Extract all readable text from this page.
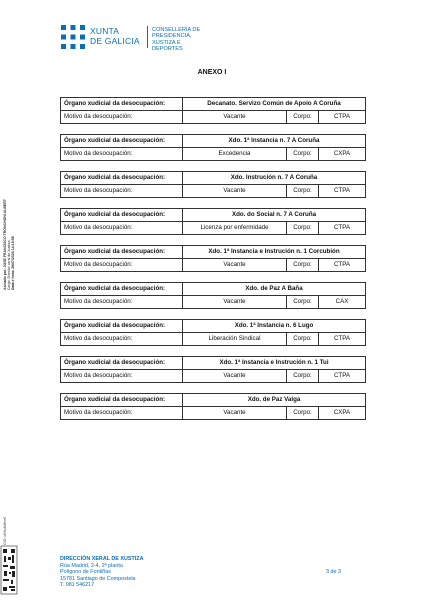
XUNTA
DE GALICIA
CONSELLERÍA DE
PRESIDENCIA,
XUSTIZA E DEPORTES
ANEXO I
Órgano xudicial da desocupación:	Decanato. Servizo Común de Apoio A Coruña
Motivo da desocupación:	Vacante	Corpo:	CTPA
Órgano xudicial da desocupación:	Xdo. 1ª Instancia n. 7 A Coruña
Motivo da desocupación:	Excedencia	Corpo:	CXPA
Órgano xudicial da desocupación:	Xdo. Instrución n. 7 A Coruña
Motivo da desocupación:	Vacante	Corpo:	CTPA
Órgano xudicial da desocupación:	Xdo. do Social n. 7 A Coruña
Motivo da desocupación:	Licenza por enfermidade	Corpo:	CTPA
Órgano xudicial da desocupación:	Xdo. 1ª Instancia e Instrución n. 1 Corcubión
Motivo da desocupación:	Vacante	Corpo:	CTPA
Órgano xudicial da desocupación:	Xdo. de Paz A Baña
Motivo da desocupación:	Vacante	Corpo:	CAX
Órgano xudicial da desocupación:	Xdo. 1ª Instancia n. 6 Lugo
Motivo da desocupación:	Liberación Sindical	Corpo:	CTPA
Órgano xudicial da desocupación:	Xdo. 1ª Instancia e Instrución n. 1 Tui
Motivo da desocupación:	Vacante	Corpo:	CTPA
Órgano xudicial da desocupación:	Xdo. de Paz Valga
Motivo da desocupación:	Vacante	Corpo:	CXPA
Asinado por: JOSE FRANCISCO TRONCHONI ALBERT Cargo: Director xeral de Xustiza Data e hora: 26/07/2024 14:16:56
CVE: xHSiu6u8em7
DIRECCIÓN XERAL DE XUSTIZA
Rúa Madrid, 2-4, 2ª planta
Polígono de Fontiñas
15781 Santiago de Compostela
T. 981 546217
3 de 3
